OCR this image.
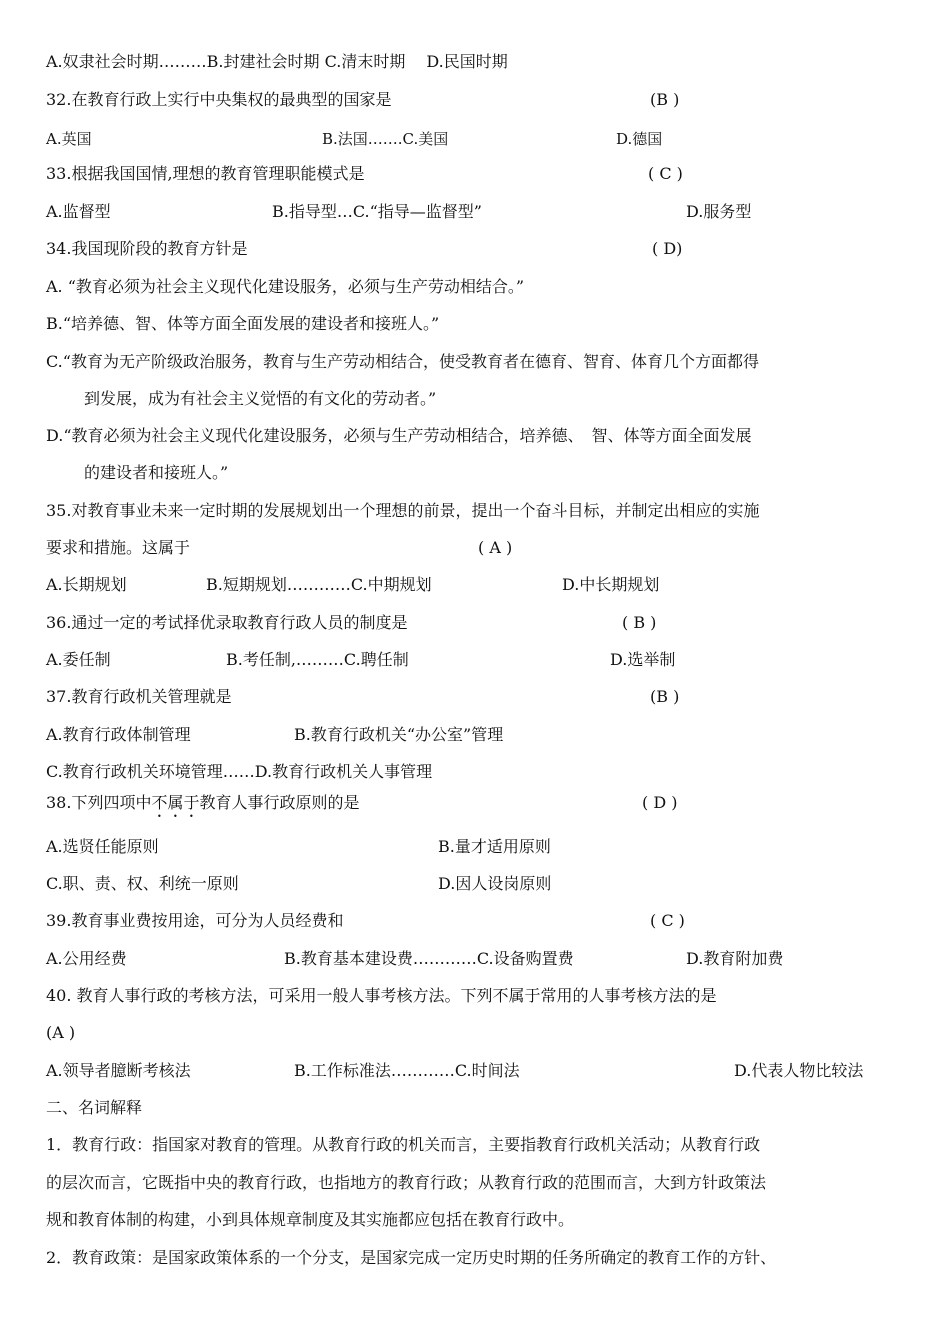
A.奴隶社会时期………B.封建社会时期 C.清末时期　 D.民国时期
32.在教育行政上实行中央集权的最典型的国家是	(B )
A.英国	B.法国…….C.美国	D.德国
33.根据我国国情,理想的教育管理职能模式是	( C )
A.监督型	B.指导型…C.“指导—监督型”	D.服务型
34.我国现阶段的教育方针是	( D)
A. “教育必须为社会主义现代化建设服务，必须与生产劳动相结合。”
B.“培养德、智、体等方面全面发展的建设者和接班人。”
C.“教育为无产阶级政治服务，教育与生产劳动相结合，使受教育者在德育、智育、体育几个方面都得
到发展，成为有社会主义觉悟的有文化的劳动者。”
D.“教育必须为社会主义现代化建设服务，必须与生产劳动相结合，培养德、　智、体等方面全面发展
的建设者和接班人。”
35.对教育事业未来一定时期的发展规划出一个理想的前景，提出一个奋斗目标，并制定出相应的实施
要求和措施。这属于	( A )
A.长期规划	B.短期规划…………C.中期规划	D.中长期规划
36.通过一定的考试择优录取教育行政人员的制度是	( B )
A.委任制	B.考任制,………C.聘任制	D.选举制
37.教育行政机关管理就是	(B )
A.教育行政体制管理	B.教育行政机关“办公室”管理
C.教育行政机关环境管理……D.教育行政机关人事管理
38.下列四项中不属于教育人事行政原则的是	( D )
A.选贤任能原则	B.量才适用原则
C.职、责、权、利统一原则	D.因人设岗原则
39.教育事业费按用途，可分为人员经费和	( C )
A.公用经费	B.教育基本建设费…………C.设备购置费	D.教育附加费
40. 教育人事行政的考核方法，可采用一般人事考核方法。下列不属于常用的人事考核方法的是
(A )
A.领导者臆断考核法	B.工作标准法…………C.时间法	D.代表人物比较法
二、名词解释
1．教育行政：指国家对教育的管理。从教育行政的机关而言，主要指教育行政机关活动；从教育行政
的层次而言，它既指中央的教育行政，也指地方的教育行政；从教育行政的范围而言，大到方针政策法
规和教育体制的构建，小到具体规章制度及其实施都应包括在教育行政中。
2．教育政策：是国家政策体系的一个分支，是国家完成一定历史时期的任务所确定的教育工作的方针、
